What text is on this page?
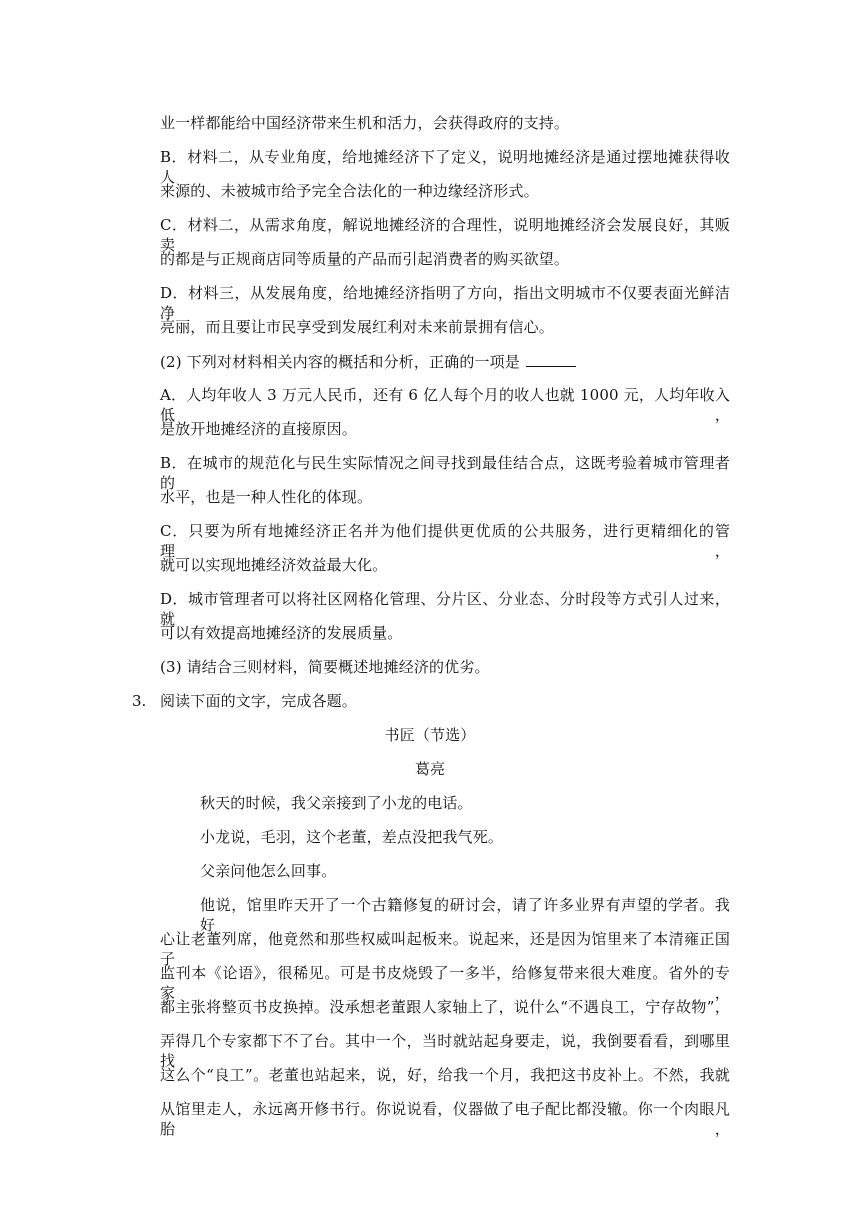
业一样都能给中国经济带来生机和活力，会获得政府的支持。
B．材料二，从专业角度，给地摊经济下了定义，说明地摊经济是通过摆地摊获得收人
来源的、未被城市给予完全合法化的一种边缘经济形式。
C．材料二，从需求角度，解说地摊经济的合理性，说明地摊经济会发展良好，其贩卖
的都是与正规商店同等质量的产品而引起消费者的购买欲望。
D．材料三，从发展角度，给地摊经济指明了方向，指出文明城市不仅要表面光鲜洁净
亮丽，而且要让市民享受到发展红利对未来前景拥有信心。
(2) 下列对材料相关内容的概括和分析，正确的一项是
A．人均年收人 3 万元人民币，还有 6 亿人每个月的收人也就 1000 元，人均年收入低，
是放开地摊经济的直接原因。
B．在城市的规范化与民生实际情况之间寻找到最佳结合点，这既考验着城市管理者的
水平，也是一种人性化的体现。
C．只要为所有地摊经济正名并为他们提供更优质的公共服务，进行更精细化的管理，
就可以实现地摊经济效益最大化。
D．城市管理者可以将社区网格化管理、分片区、分业态、分时段等方式引人过来，就
可以有效提高地摊经济的发展质量。
(3) 请结合三则材料，简要概述地摊经济的优劣。
3. 阅读下面的文字，完成各题。
书匠（节选）
葛亮
秋天的时候，我父亲接到了小龙的电话。
小龙说，毛羽，这个老董，差点没把我气死。
父亲问他怎么回事。
他说，馆里昨天开了一个古籍修复的研讨会，请了许多业界有声望的学者。我好
心让老董列席，他竟然和那些权威叫起板来。说起来，还是因为馆里来了本清雍正国子
监刊本《论语》，很稀见。可是书皮烧毁了一多半，给修复带来很大难度。省外的专家，
都主张将整页书皮换掉。没承想老董跟人家轴上了，说什么“不遇良工，宁存故物”，
弄得几个专家都下不了台。其中一个，当时就站起身要走，说，我倒要看看，到哪里找
这么个“良工”。老董也站起来，说，好，给我一个月，我把这书皮补上。不然，我就
从馆里走人，永远离开修书行。你说说看，仪器做了电子配比都没辙。你一个肉眼凡胎，
